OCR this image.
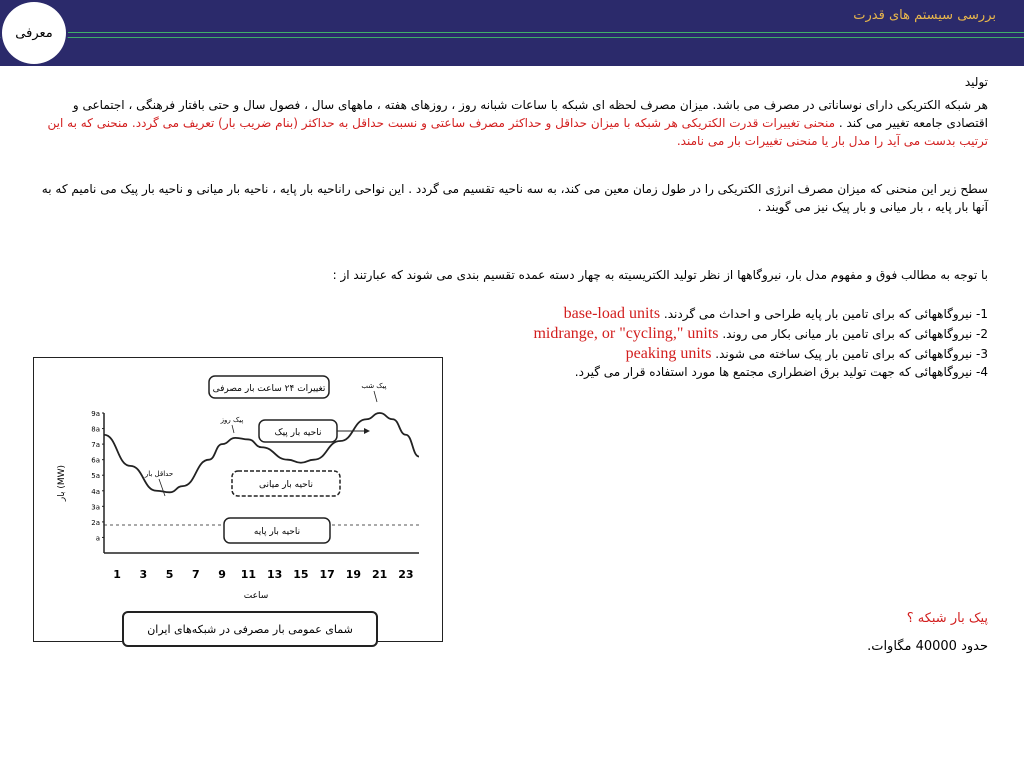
بررسی سیستم های قدرت
معرفی
تولید
هر شبکه الکتریکی دارای نوساناتی در مصرف می باشد. میزان مصرف لحظه ای شبکه با ساعات شبانه روز ، روزهای هفته ، ماههای سال ، فصول سال و حتی بافتار فرهنگی ، اجتماعی و اقتصادی جامعه تغییر می کند . منحنی تغییرات قدرت الکتریکی هر شبکه با میزان حداقل و حداکثر مصرف ساعتی و نسبت حداقل به حداکثر (بنام ضریب بار) تعریف می گردد. منحنی که به این ترتیب بدست می آید را مدل بار یا منحنی تغییرات بار می نامند.
سطح زیر این منحنی که میزان مصرف انرژی الکتریکی را در طول زمان معین می کند، به سه ناحیه تقسیم می گردد . این نواحی راناحیه بار پایه ، ناحیه بار میانی و ناحیه بار پیک می نامیم که به آنها بار پایه ، بار میانی و بار پیک نیز می گویند .
با توجه به مطالب فوق و مفهوم مدل بار، نیروگاهها از نظر تولید الکتریسیته به چهار دسته عمده تقسیم بندی می شوند که عبارتند از :
1- نیروگاههائی که برای تامین بار پایه طراحی و احداث می گردند. base-load units
2- نیروگاههائی که برای تامین بار میانی بکار می روند. midrange, or "cycling," units
3- نیروگاههائی که برای تامین بار پیک ساخته می شوند. peaking units
4- نیروگاههائی که جهت تولید برق اضطراری مجتمع ها مورد استفاده قرار می گیرد.
پیک بار شبکه ؟
حدود 40000 مگاوات.
a
2a
3a
4a
5a
6a
7a
8a
9a
1 3 5 7 9 11 13 15 17 19 21 23
تغییرات ۲۴ ساعت بار مصرفی
ناحیه بار پیک
ناحیه بار میانی
ناحیه بار پایه
پیک شب
پیک روز
حداقل بار
بار (MW)
ساعت
شمای عمومی بار مصرفی در شبکه‌های ایران
